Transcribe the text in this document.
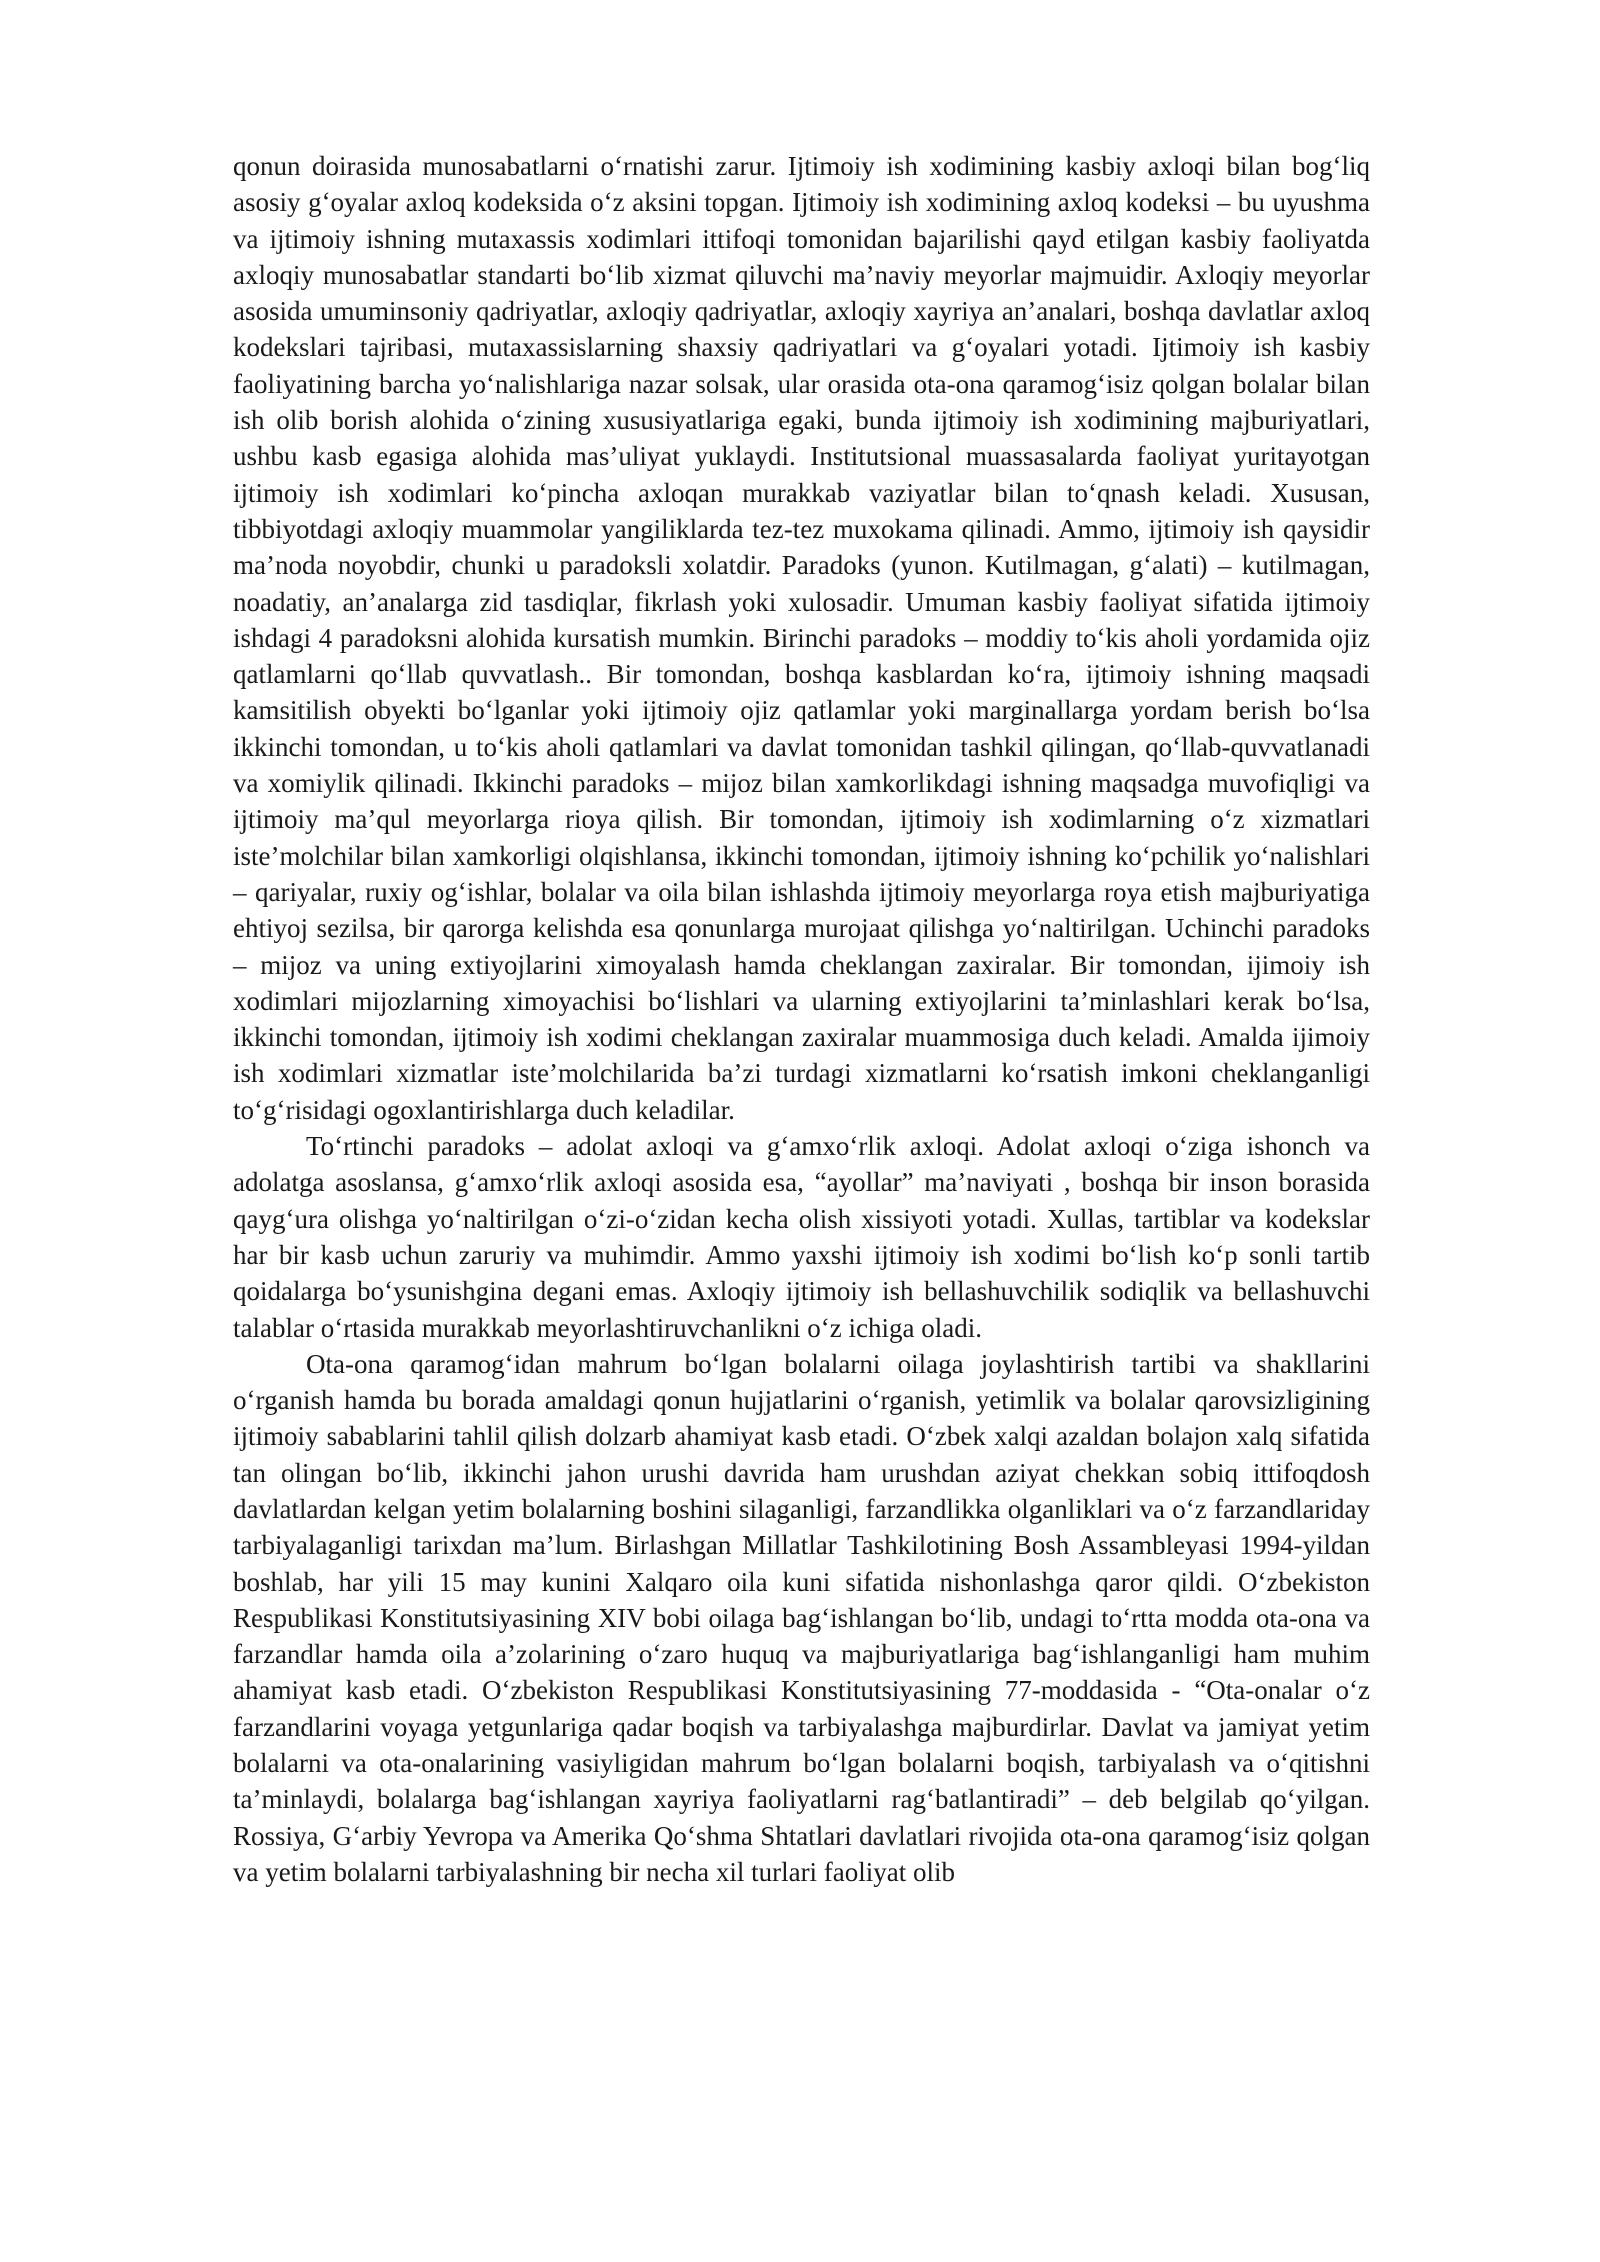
qonun doirasida munosabatlarni o‘rnatishi zarur. Ijtimoiy ish xodimining kasbiy axloqi bilan bog‘liq asosiy g‘oyalar axloq kodeksida o‘z aksini topgan. Ijtimoiy ish xodimining axloq kodeksi – bu uyushma va ijtimoiy ishning mutaxassis xodimlari ittifoqi tomonidan bajarilishi qayd etilgan kasbiy faoliyatda axloqiy munosabatlar standarti bo‘lib xizmat qiluvchi ma’naviy meyorlar majmuidir. Axloqiy meyorlar asosida umuminsoniy qadriyatlar, axloqiy qadriyatlar, axloqiy xayriya an’analari, boshqa davlatlar axloq kodekslari tajribasi, mutaxassislarning shaxsiy qadriyatlari va g‘oyalari yotadi. Ijtimoiy ish kasbiy faoliyatining barcha yo‘nalishlariga nazar solsak, ular orasida ota-ona qaramog‘isiz qolgan bolalar bilan ish olib borish alohida o‘zining xususiyatlariga egaki, bunda ijtimoiy ish xodimining majburiyatlari, ushbu kasb egasiga alohida mas’uliyat yuklaydi. Institutsional muassasalarda faoliyat yuritayotgan ijtimoiy ish xodimlari ko‘pincha axloqan murakkab vaziyatlar bilan to‘qnash keladi. Xususan, tibbiyotdagi axloqiy muammolar yangiliklarda tez-tez muxokama qilinadi. Ammo, ijtimoiy ish qaysidir ma’noda noyobdir, chunki u paradoksli xolatdir. Paradoks (yunon. Kutilmagan, g‘alati) – kutilmagan, noadatiy, an’analarga zid tasdiqlar, fikrlash yoki xulosadir. Umuman kasbiy faoliyat sifatida ijtimoiy ishdagi 4 paradoksni alohida kursatish mumkin. Birinchi paradoks – moddiy to‘kis aholi yordamida ojiz qatlamlarni qo‘llab quvvatlash.. Bir tomondan, boshqa kasblardan ko‘ra, ijtimoiy ishning maqsadi kamsitilish obyekti bo‘lganlar yoki ijtimoiy ojiz qatlamlar yoki marginallarga yordam berish bo‘lsa ikkinchi tomondan, u to‘kis aholi qatlamlari va davlat tomonidan tashkil qilingan, qo‘llab-quvvatlanadi va xomiylik qilinadi. Ikkinchi paradoks – mijoz bilan xamkorlikdagi ishning maqsadga muvofiqligi va ijtimoiy ma’qul meyorlarga rioya qilish. Bir tomondan, ijtimoiy ish xodimlarning o‘z xizmatlari iste’molchilar bilan xamkorligi olqishlansa, ikkinchi tomondan, ijtimoiy ishning ko‘pchilik yo‘nalishlari – qariyalar, ruxiy og‘ishlar, bolalar va oila bilan ishlashda ijtimoiy meyorlarga roya etish majburiyatiga ehtiyoj sezilsa, bir qarorga kelishda esa qonunlarga murojaat qilishga yo‘naltirilgan. Uchinchi paradoks – mijoz va uning extiyojlarini ximoyalash hamda cheklangan zaxiralar. Bir tomondan, ijimoiy ish xodimlari mijozlarning ximoyachisi bo‘lishlari va ularning extiyojlarini ta’minlashlari kerak bo‘lsa, ikkinchi tomondan, ijtimoiy ish xodimi cheklangan zaxiralar muammosiga duch keladi. Amalda ijimoiy ish xodimlari xizmatlar iste’molchilarida ba’zi turdagi xizmatlarni ko‘rsatish imkoni cheklanganligi to‘g‘risidagi ogoxlantirishlarga duch keladilar.

To‘rtinchi paradoks – adolat axloqi va g‘amxo‘rlik axloqi. Adolat axloqi o‘ziga ishonch va adolatga asoslansa, g‘amxo‘rlik axloqi asosida esa, “ayollar” ma’naviyati , boshqa bir inson borasida qayg‘ura olishga yo‘naltirilgan o‘zi-o‘zidan kecha olish xissiyoti yotadi. Xullas, tartiblar va kodekslar har bir kasb uchun zaruriy va muhimdir. Ammo yaxshi ijtimoiy ish xodimi bo‘lish ko‘p sonli tartib qoidalarga bo‘ysunishgina degani emas. Axloqiy ijtimoiy ish bellashuvchilik sodiqlik va bellashuvchi talablar o‘rtasida murakkab meyorlashtiruvchanlikni o‘z ichiga oladi.

Ota-ona qaramog‘idan mahrum bo‘lgan bolalarni oilaga joylashtirish tartibi va shakllarini o‘rganish hamda bu borada amaldagi qonun hujjatlarini o‘rganish, yetimlik va bolalar qarovsizligining ijtimoiy sabablarini tahlil qilish dolzarb ahamiyat kasb etadi. O‘zbek xalqi azaldan bolajon xalq sifatida tan olingan bo‘lib, ikkinchi jahon urushi davrida ham urushdan aziyat chekkan sobiq ittifoqdosh davlatlardan kelgan yetim bolalarning boshini silaganligi, farzandlikka olganliklari va o‘z farzandlariday tarbiyalaganligi tarixdan ma’lum. Birlashgan Millatlar Tashkilotining Bosh Assambleyasi 1994-yildan boshlab, har yili 15 may kunini Xalqaro oila kuni sifatida nishonlashga qaror qildi. O‘zbekiston Respublikasi Konstitutsiyasining XIV bobi oilaga bag‘ishlangan bo‘lib, undagi to‘rtta modda ota-ona va farzandlar hamda oila a’zolarining o‘zaro huquq va majburiyatlariga bag‘ishlanganligi ham muhim ahamiyat kasb etadi. O‘zbekiston Respublikasi Konstitutsiyasining 77-moddasida - “Ota-onalar o‘z farzandlarini voyaga yetgunlariga qadar boqish va tarbiyalashga majburdirlar. Davlat va jamiyat yetim bolalarni va ota-onalarining vasiyligidan mahrum bo‘lgan bolalarni boqish, tarbiyalash va o‘qitishni ta’minlaydi, bolalarga bag‘ishlangan xayriya faoliyatlarni rag‘batlantiradi” – deb belgilab qo‘yilgan. Rossiya, G‘arbiy Yevropa va Amerika Qo‘shma Shtatlari davlatlari rivojida ota-ona qaramog‘isiz qolgan va yetim bolalarni tarbiyalashning bir necha xil turlari faoliyat olib
